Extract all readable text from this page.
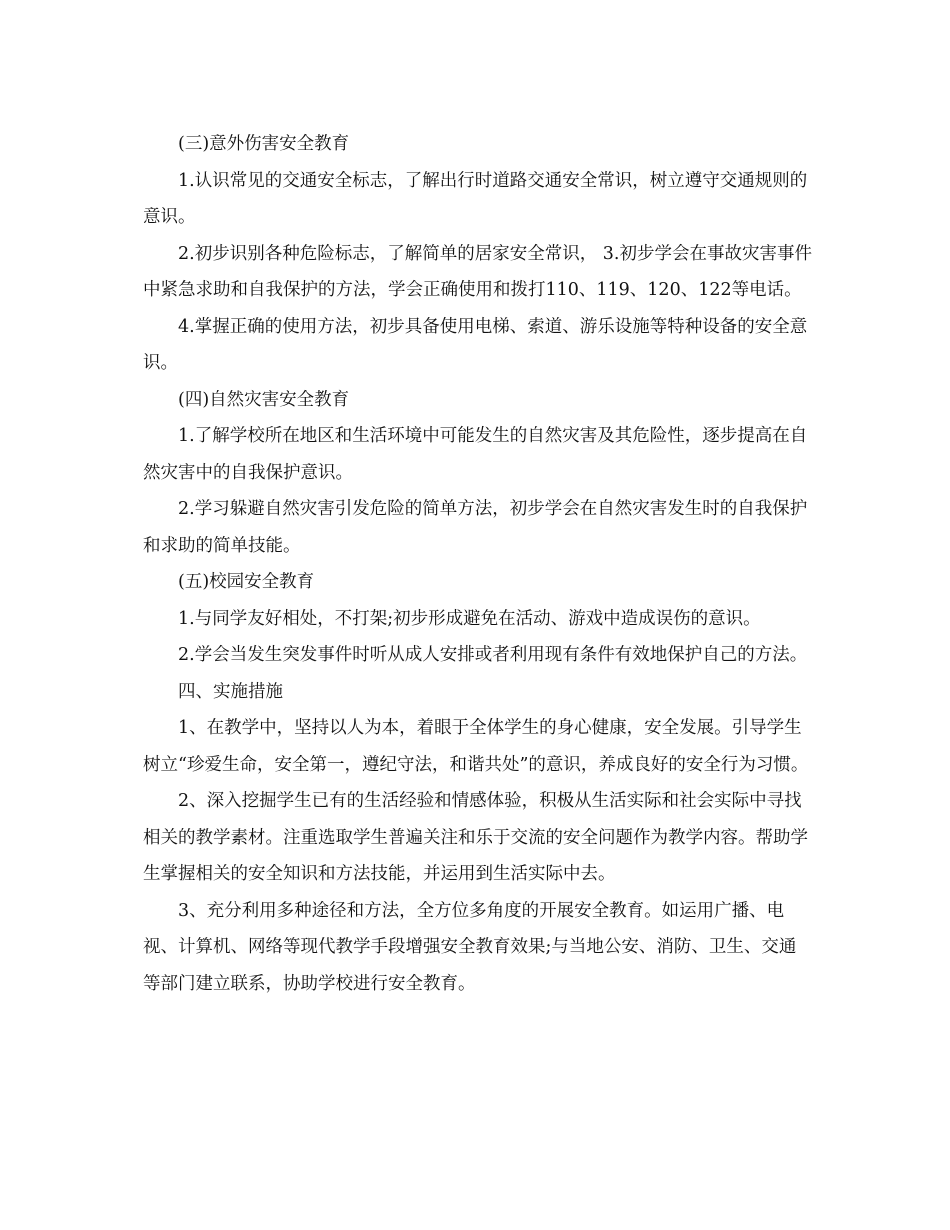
(三)意外伤害安全教育

1.认识常见的交通安全标志，了解出行时道路交通安全常识，树立遵守交通规则的意识。

2.初步识别各种危险标志，了解简单的居家安全常识， 3.初步学会在事故灾害事件中紧急求助和自我保护的方法，学会正确使用和拨打110、119、120、122等电话。

4.掌握正确的使用方法，初步具备使用电梯、索道、游乐设施等特种设备的安全意识。

(四)自然灾害安全教育

1.了解学校所在地区和生活环境中可能发生的自然灾害及其危险性，逐步提高在自然灾害中的自我保护意识。

2.学习躲避自然灾害引发危险的简单方法，初步学会在自然灾害发生时的自我保护和求助的简单技能。

(五)校园安全教育

1.与同学友好相处，不打架;初步形成避免在活动、游戏中造成误伤的意识。

2.学会当发生突发事件时听从成人安排或者利用现有条件有效地保护自己的方法。

四、实施措施

1、在教学中，坚持以人为本，着眼于全体学生的身心健康，安全发展。引导学生树立“珍爱生命，安全第一，遵纪守法，和谐共处”的意识，养成良好的安全行为习惯。

2、深入挖掘学生已有的生活经验和情感体验，积极从生活实际和社会实际中寻找相关的教学素材。注重选取学生普遍关注和乐于交流的安全问题作为教学内容。帮助学生掌握相关的安全知识和方法技能，并运用到生活实际中去。

3、充分利用多种途径和方法，全方位多角度的开展安全教育。如运用广播、电视、计算机、网络等现代教学手段增强安全教育效果;与当地公安、消防、卫生、交通等部门建立联系，协助学校进行安全教育。
